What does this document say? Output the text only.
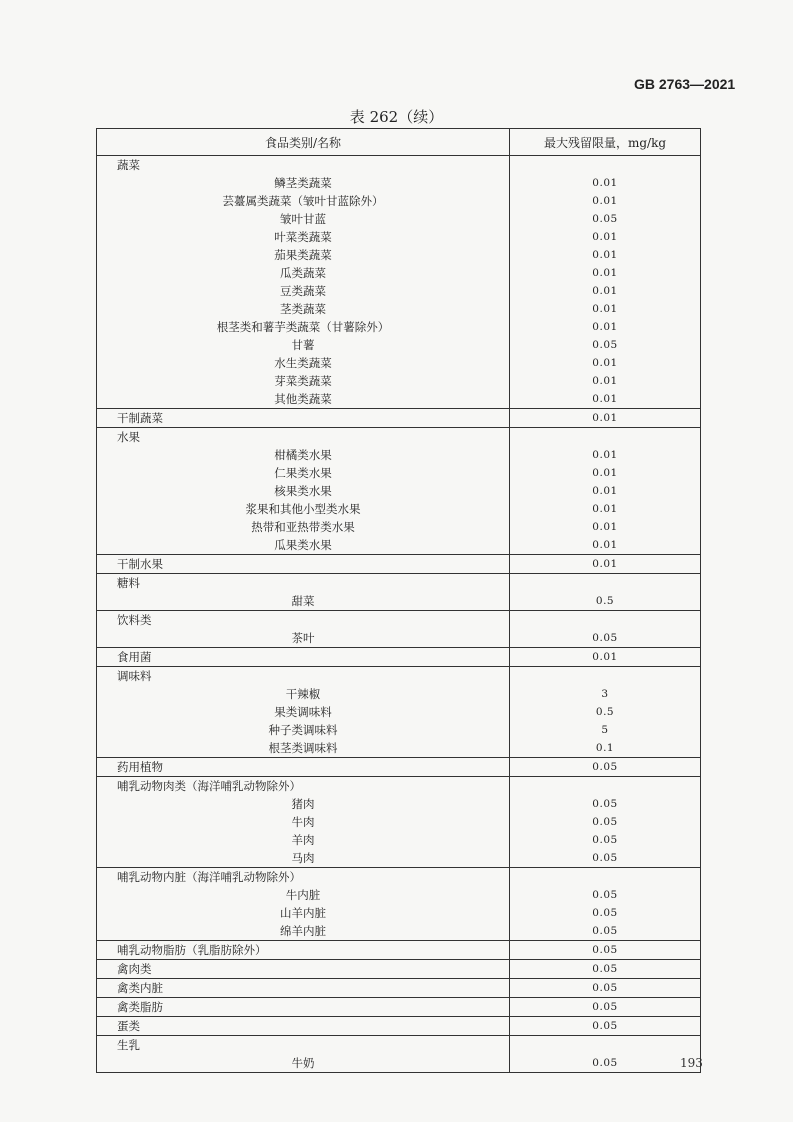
GB 2763—2021
表 262（续）
食品类别/名称	最大残留限量，mg/kg
蔬菜	
鳞茎类蔬菜	0.01
芸薹属类蔬菜（皱叶甘蓝除外）	0.01
皱叶甘蓝	0.05
叶菜类蔬菜	0.01
茄果类蔬菜	0.01
瓜类蔬菜	0.01
豆类蔬菜	0.01
茎类蔬菜	0.01
根茎类和薯芋类蔬菜（甘薯除外）	0.01
甘薯	0.05
水生类蔬菜	0.01
芽菜类蔬菜	0.01
其他类蔬菜	0.01
干制蔬菜	0.01
水果	
柑橘类水果	0.01
仁果类水果	0.01
核果类水果	0.01
浆果和其他小型类水果	0.01
热带和亚热带类水果	0.01
瓜果类水果	0.01
干制水果	0.01
糖料	
甜菜	0.5
饮料类	
茶叶	0.05
食用菌	0.01
调味料	
干辣椒	3
果类调味料	0.5
种子类调味料	5
根茎类调味料	0.1
药用植物	0.05
哺乳动物肉类（海洋哺乳动物除外）	
猪肉	0.05
牛肉	0.05
羊肉	0.05
马肉	0.05
哺乳动物内脏（海洋哺乳动物除外）	
牛内脏	0.05
山羊内脏	0.05
绵羊内脏	0.05
哺乳动物脂肪（乳脂肪除外）	0.05
禽肉类	0.05
禽类内脏	0.05
禽类脂肪	0.05
蛋类	0.05
生乳	
牛奶	0.05	193
